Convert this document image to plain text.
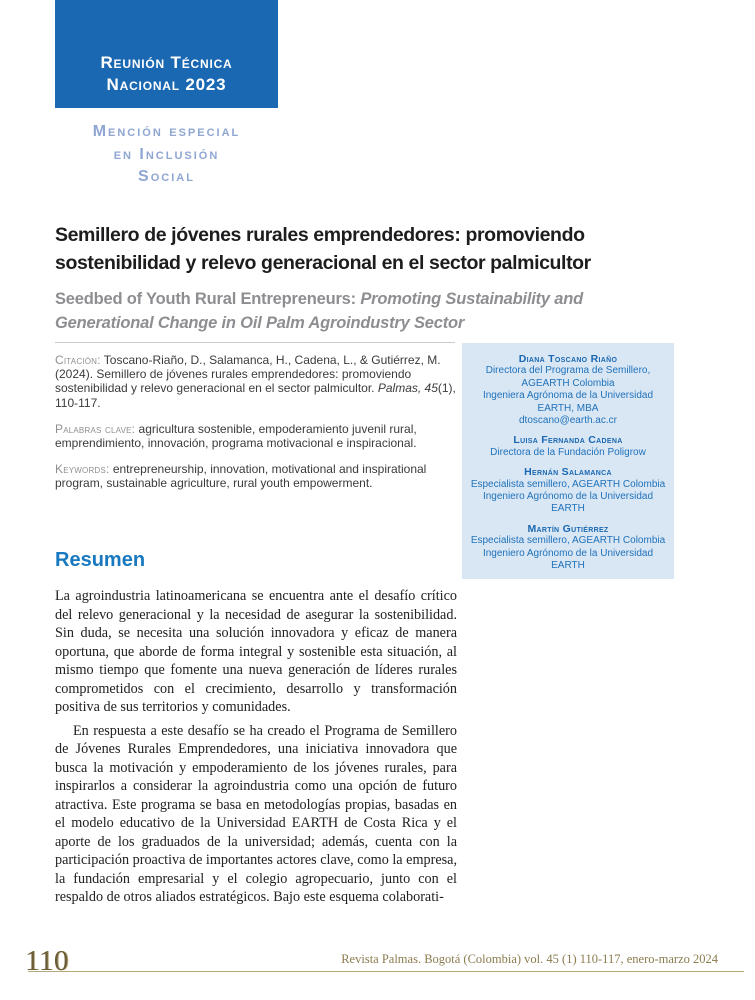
Reunión Técnica
Nacional 2023
Mención especial
en Inclusión
Social
Semillero de jóvenes rurales emprendedores: promoviendo sostenibilidad y relevo generacional en el sector palmicultor
Seedbed of Youth Rural Entrepreneurs: Promoting Sustainability and Generational Change in Oil Palm Agroindustry Sector

Citación: Toscano-Riaño, D., Salamanca, H., Cadena, L., & Gutiérrez, M. (2024). Semillero de jóvenes rurales emprendedores: promoviendo sostenibilidad y relevo generacional en el sector palmicultor. Palmas, 45(1), 110-117.

Palabras clave: agricultura sostenible, empoderamiento juvenil rural, emprendimiento, innovación, programa motivacional e inspiracional.

Keywords: entrepreneurship, innovation, motivational and inspirational program, sustainable agriculture, rural youth empowerment.

Diana Toscano Riaño
Directora del Programa de Semillero, AGEARTH Colombia
Ingeniera Agrónoma de la Universidad EARTH, MBA
dtoscano@earth.ac.cr
Luisa Fernanda Cadena
Directora de la Fundación Poligrow
Hernán Salamanca
Especialista semillero, AGEARTH Colombia
Ingeniero Agrónomo de la Universidad EARTH
Martín Gutiérrez
Especialista semillero, AGEARTH Colombia
Ingeniero Agrónomo de la Universidad EARTH
Resumen

La agroindustria latinoamericana se encuentra ante el desafío crítico del relevo generacional y la necesidad de asegurar la sostenibilidad. Sin duda, se necesita una solución innovadora y eficaz de manera oportuna, que aborde de forma integral y sostenible esta situación, al mismo tiempo que fomente una nueva generación de líderes rurales comprometidos con el crecimiento, desarrollo y transformación positiva de sus territorios y comunidades.

En respuesta a este desafío se ha creado el Programa de Semillero de Jóvenes Rurales Emprendedores, una iniciativa innovadora que busca la motivación y empoderamiento de los jóvenes rurales, para inspirarlos a considerar la agroindustria como una opción de futuro atractiva. Este programa se basa en metodologías propias, basadas en el modelo educativo de la Universidad EARTH de Costa Rica y el aporte de los graduados de la universidad; además, cuenta con la participación proactiva de importantes actores clave, como la empresa, la fundación empresarial y el colegio agropecuario, junto con el respaldo de otros aliados estratégicos. Bajo este esquema colaborati-

110	Revista Palmas. Bogotá (Colombia) vol. 45 (1) 110-117, enero-marzo 2024
